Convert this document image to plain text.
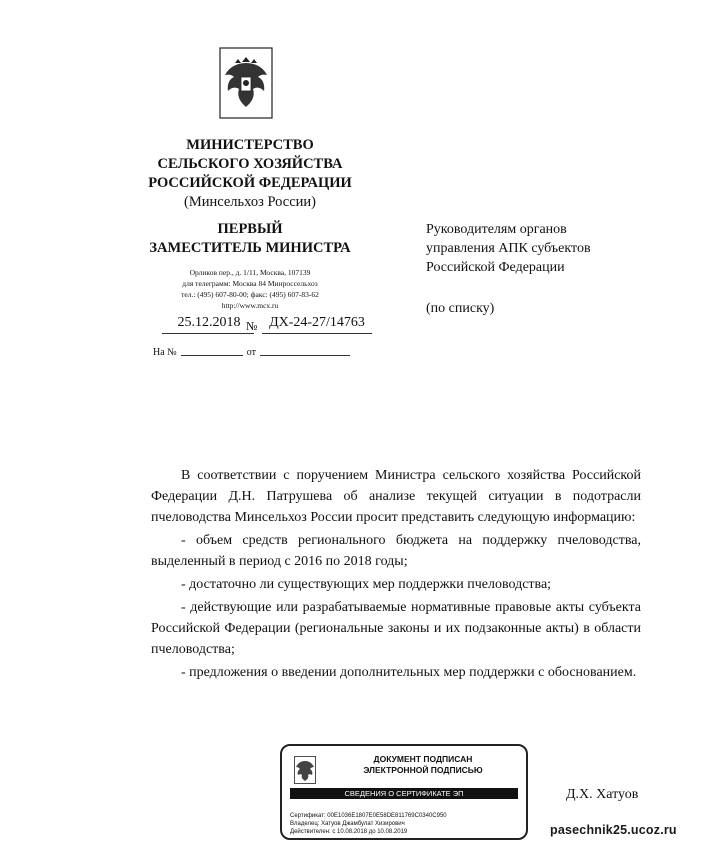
МИНИСТЕРСТВО
СЕЛЬСКОГО ХОЗЯЙСТВА
РОССИЙСКОЙ ФЕДЕРАЦИИ
(Минсельхоз России)
ПЕРВЫЙ
ЗАМЕСТИТЕЛЬ МИНИСТРА
Орликов пер., д. 1/11, Москва, 107139
для телеграмм: Москва 84 Минроссельхоз
тел.: (495) 607-80-00; факс: (495) 607-83-62
http://www.mcx.ru
25.12.2018 № ДХ-24-27/14763
На №	от
Руководителям органов
управления АПК субъектов
Российской Федерации
(по списку)

В соответствии с поручением Министра сельского хозяйства Российской Федерации Д.Н. Патрушева об анализе текущей ситуации в подотрасли пчеловодства Минсельхоз России просит представить следующую информацию:

- объем средств регионального бюджета на поддержку пчеловодства, выделенный в период с 2016 по 2018 годы;

- достаточно ли существующих мер поддержки пчеловодства;

- действующие или разрабатываемые нормативные правовые акты субъекта Российской Федерации (региональные законы и их подзаконные акты) в области пчеловодства;

- предложения о введении дополнительных мер поддержки с обоснованием.

ДОКУМЕНТ ПОДПИСАН
ЭЛЕКТРОННОЙ ПОДПИСЬЮ
СВЕДЕНИЯ О СЕРТИФИКАТЕ ЭП
Сертификат: 00E1036E1807E0E58DE811769C0340C950
Владелец: Хатуов Джамбулат Хизирович
Действителен: с 10.08.2018 до 10.08.2019
Д.Х. Хатуов
pasechnik25.ucoz.ru
